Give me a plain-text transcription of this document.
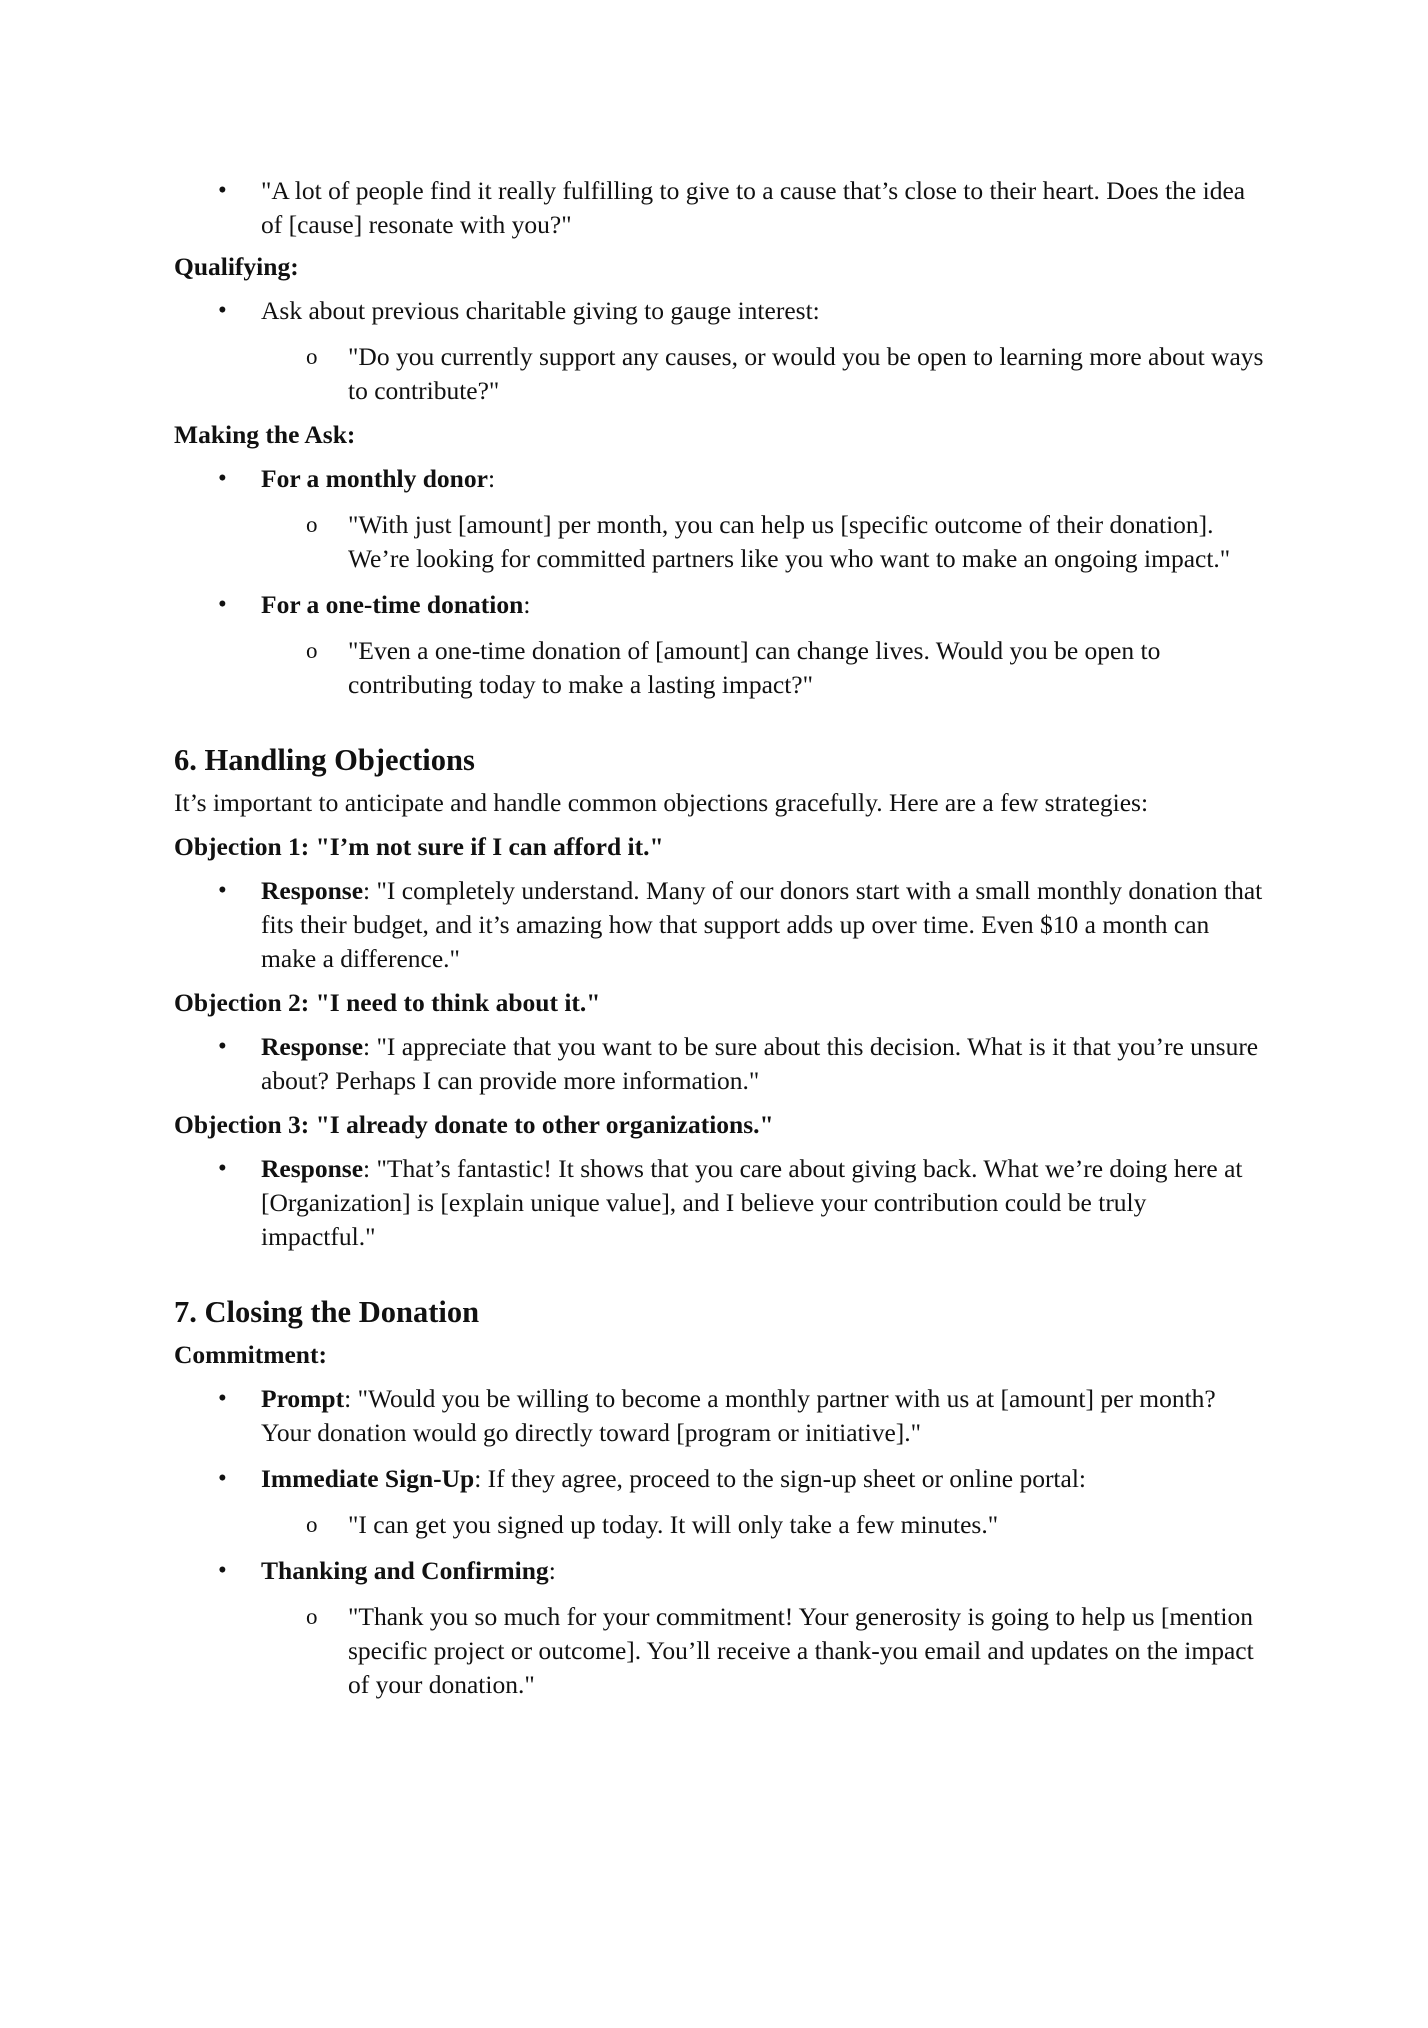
• "A lot of people find it really fulfilling to give to a cause that’s close to their heart. Does the idea of [cause] resonate with you?"
Qualifying:
• Ask about previous charitable giving to gauge interest:
o "Do you currently support any causes, or would you be open to learning more about ways to contribute?"
Making the Ask:
• For a monthly donor:
o "With just [amount] per month, you can help us [specific outcome of their donation]. We’re looking for committed partners like you who want to make an ongoing impact."
• For a one-time donation:
o "Even a one-time donation of [amount] can change lives. Would you be open to contributing today to make a lasting impact?"
6. Handling Objections
It’s important to anticipate and handle common objections gracefully. Here are a few strategies:
Objection 1: "I’m not sure if I can afford it."
• Response: "I completely understand. Many of our donors start with a small monthly donation that fits their budget, and it’s amazing how that support adds up over time. Even $10 a month can make a difference."
Objection 2: "I need to think about it."
• Response: "I appreciate that you want to be sure about this decision. What is it that you’re unsure about? Perhaps I can provide more information."
Objection 3: "I already donate to other organizations."
• Response: "That’s fantastic! It shows that you care about giving back. What we’re doing here at [Organization] is [explain unique value], and I believe your contribution could be truly impactful."
7. Closing the Donation
Commitment:
• Prompt: "Would you be willing to become a monthly partner with us at [amount] per month? Your donation would go directly toward [program or initiative]."
• Immediate Sign-Up: If they agree, proceed to the sign-up sheet or online portal:
o "I can get you signed up today. It will only take a few minutes."
• Thanking and Confirming:
o "Thank you so much for your commitment! Your generosity is going to help us [mention specific project or outcome]. You’ll receive a thank-you email and updates on the impact of your donation."
